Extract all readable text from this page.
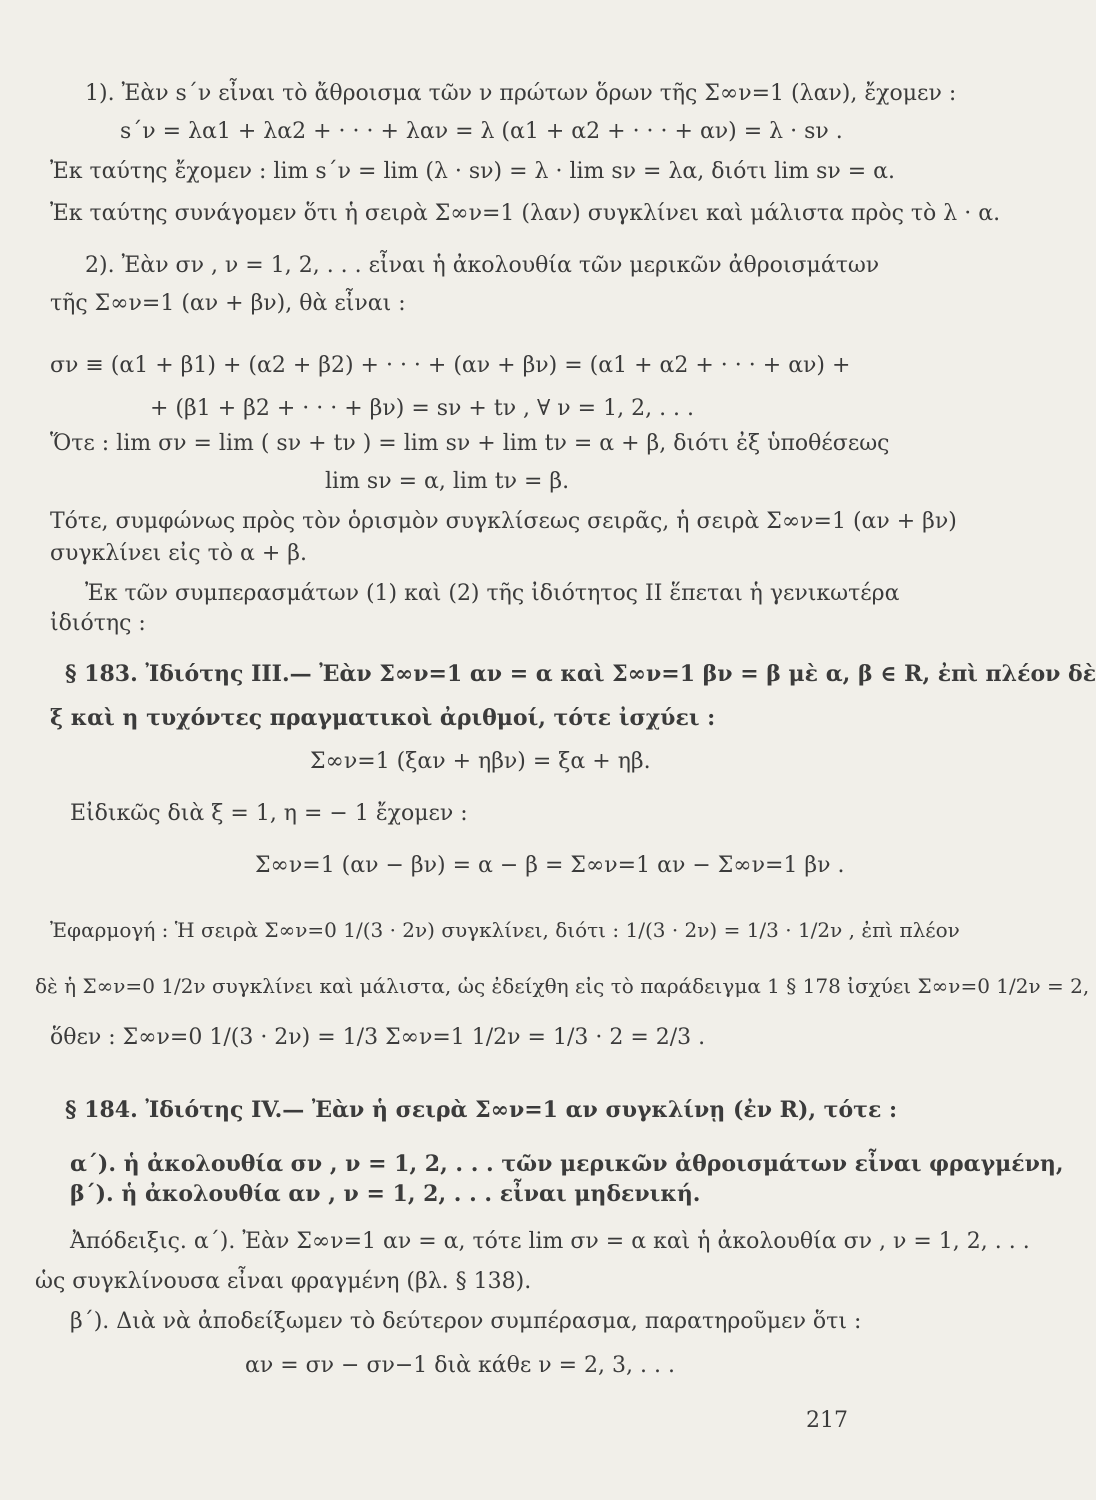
1). Ἐὰν s΄ν εἶναι τὸ ἄθροισμα τῶν ν πρώτων ὅρων τῆς Σ∞ν=1 (λαν), ἔχομεν :
s΄ν = λα1 + λα2 + · · · + λαν = λ (α1 + α2 + · · · + αν) = λ · sν .
Ἐκ ταύτης ἔχομεν : lim s΄ν = lim (λ · sν) = λ · lim sν = λα, διότι lim sν = α.
Ἐκ ταύτης συνάγομεν ὅτι ἡ σειρὰ Σ∞ν=1 (λαν) συγκλίνει καὶ μάλιστα πρὸς τὸ λ · α.
2). Ἐὰν σν , ν = 1, 2, . . . εἶναι ἡ ἀκολουθία τῶν μερικῶν ἀθροισμάτων
τῆς Σ∞ν=1 (αν + βν), θὰ εἶναι :
σν ≡ (α1 + β1) + (α2 + β2) + · · · + (αν + βν) = (α1 + α2 + · · · + αν) +
+ (β1 + β2 + · · · + βν) = sν + tν , ∀ ν = 1, 2, . . .
Ὅτε : lim σν = lim ( sν + tν ) = lim sν + lim tν = α + β, διότι ἐξ ὑποθέσεως
lim sν = α, lim tν = β.
Τότε, συμφώνως πρὸς τὸν ὁρισμὸν συγκλίσεως σειρᾶς, ἡ σειρὰ Σ∞ν=1 (αν + βν)
συγκλίνει εἰς τὸ α + β.
Ἐκ τῶν συμπερασμάτων (1) καὶ (2) τῆς ἰδιότητος II ἕπεται ἡ γενικωτέρα
ἰδιότης :
§ 183. Ἰδιότης III.— Ἐὰν Σ∞ν=1 αν = α καὶ Σ∞ν=1 βν = β μὲ α, β ∈ R, ἐπὶ πλέον δὲ
ξ καὶ η τυχόντες πραγματικοὶ ἀριθμοί, τότε ἰσχύει :
Σ∞ν=1 (ξαν + ηβν) = ξα + ηβ.
Εἰδικῶς διὰ ξ = 1, η = − 1 ἔχομεν :
Σ∞ν=1 (αν − βν) = α − β = Σ∞ν=1 αν − Σ∞ν=1 βν .
Ἐφαρμογή : Ἡ σειρὰ Σ∞ν=0 1/(3 · 2ν) συγκλίνει, διότι : 1/(3 · 2ν) = 1/3 · 1/2ν , ἐπὶ πλέον
δὲ ἡ Σ∞ν=0 1/2ν συγκλίνει καὶ μάλιστα, ὡς ἐδείχθη εἰς τὸ παράδειγμα 1 § 178 ἰσχύει Σ∞ν=0 1/2ν = 2,
ὅθεν : Σ∞ν=0 1/(3 · 2ν) = 1/3 Σ∞ν=1 1/2ν = 1/3 · 2 = 2/3 .
§ 184. Ἰδιότης IV.— Ἐὰν ἡ σειρὰ Σ∞ν=1 αν συγκλίνῃ (ἐν R), τότε :
α΄). ἡ ἀκολουθία σν , ν = 1, 2, . . . τῶν μερικῶν ἀθροισμάτων εἶναι φραγμένη,
β΄). ἡ ἀκολουθία αν , ν = 1, 2, . . . εἶναι μηδενική.
Ἀπόδειξις. α΄). Ἐὰν Σ∞ν=1 αν = α, τότε lim σν = α καὶ ἡ ἀκολουθία σν , ν = 1, 2, . . .
ὡς συγκλίνουσα εἶναι φραγμένη (βλ. § 138).
β΄). Διὰ νὰ ἀποδείξωμεν τὸ δεύτερον συμπέρασμα, παρατηροῦμεν ὅτι :
αν = σν − σν−1 διὰ κάθε ν = 2, 3, . . .
217
